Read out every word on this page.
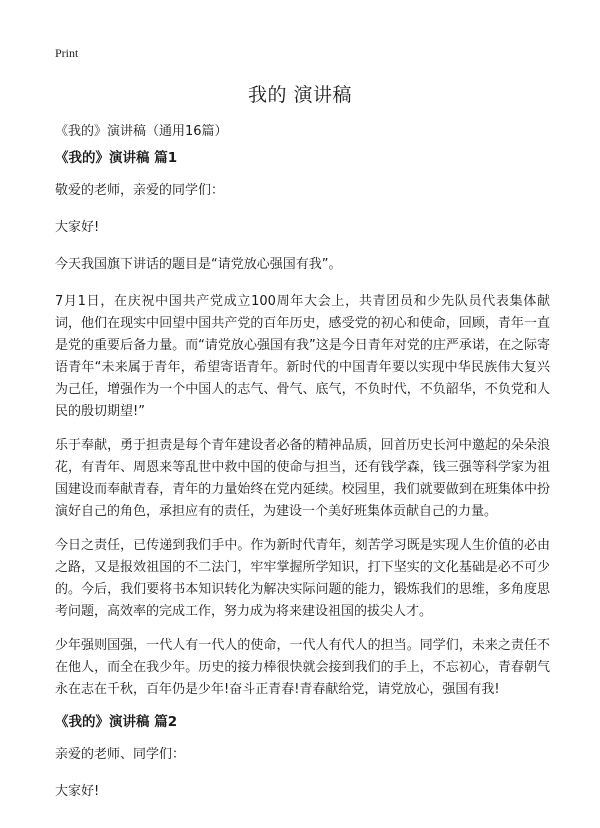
Print
我的 演讲稿
《我的》演讲稿（通用16篇）
《我的》演讲稿 篇1

敬爱的老师，亲爱的同学们：

大家好!

今天我国旗下讲话的题目是“请党放心强国有我”。

7月1日，在庆祝中国共产党成立100周年大会上，共青团员和少先队员代表集体献词，他们在现实中回望中国共产党的百年历史，感受党的初心和使命，回顾，青年一直是党的重要后备力量。而“请党放心强国有我”这是今日青年对党的庄严承诺，在之际寄语青年“未来属于青年，希望寄语青年。新时代的中国青年要以实现中华民族伟大复兴为己任，增强作为一个中国人的志气、骨气、底气，不负时代，不负韶华，不负党和人民的殷切期望!”

乐于奉献，勇于担责是每个青年建设者必备的精神品质，回首历史长河中邀起的朵朵浪花，有青年、周恩来等乱世中救中国的使命与担当，还有钱学森，钱三强等科学家为祖国建设而奉献青春，青年的力量始终在党内延续。校园里，我们就要做到在班集体中扮演好自己的角色，承担应有的责任，为建设一个美好班集体贡献自己的力量。

今日之责任，已传递到我们手中。作为新时代青年，刻苦学习既是实现人生价值的必由之路，又是报效祖国的不二法门，牢牢掌握所学知识，打下坚实的文化基础是必不可少的。今后，我们要将书本知识转化为解决实际问题的能力，锻炼我们的思维，多角度思考问题，高效率的完成工作，努力成为将来建设祖国的拔尖人才。

少年强则国强，一代人有一代人的使命，一代人有代人的担当。同学们，未来之责任不在他人，而全在我少年。历史的接力棒很快就会接到我们的手上，不忘初心，青春朝气永在志在千秋，百年仍是少年!奋斗正青春!青春献给党，请党放心，强国有我!

《我的》演讲稿 篇2

亲爱的老师、同学们：

大家好!
